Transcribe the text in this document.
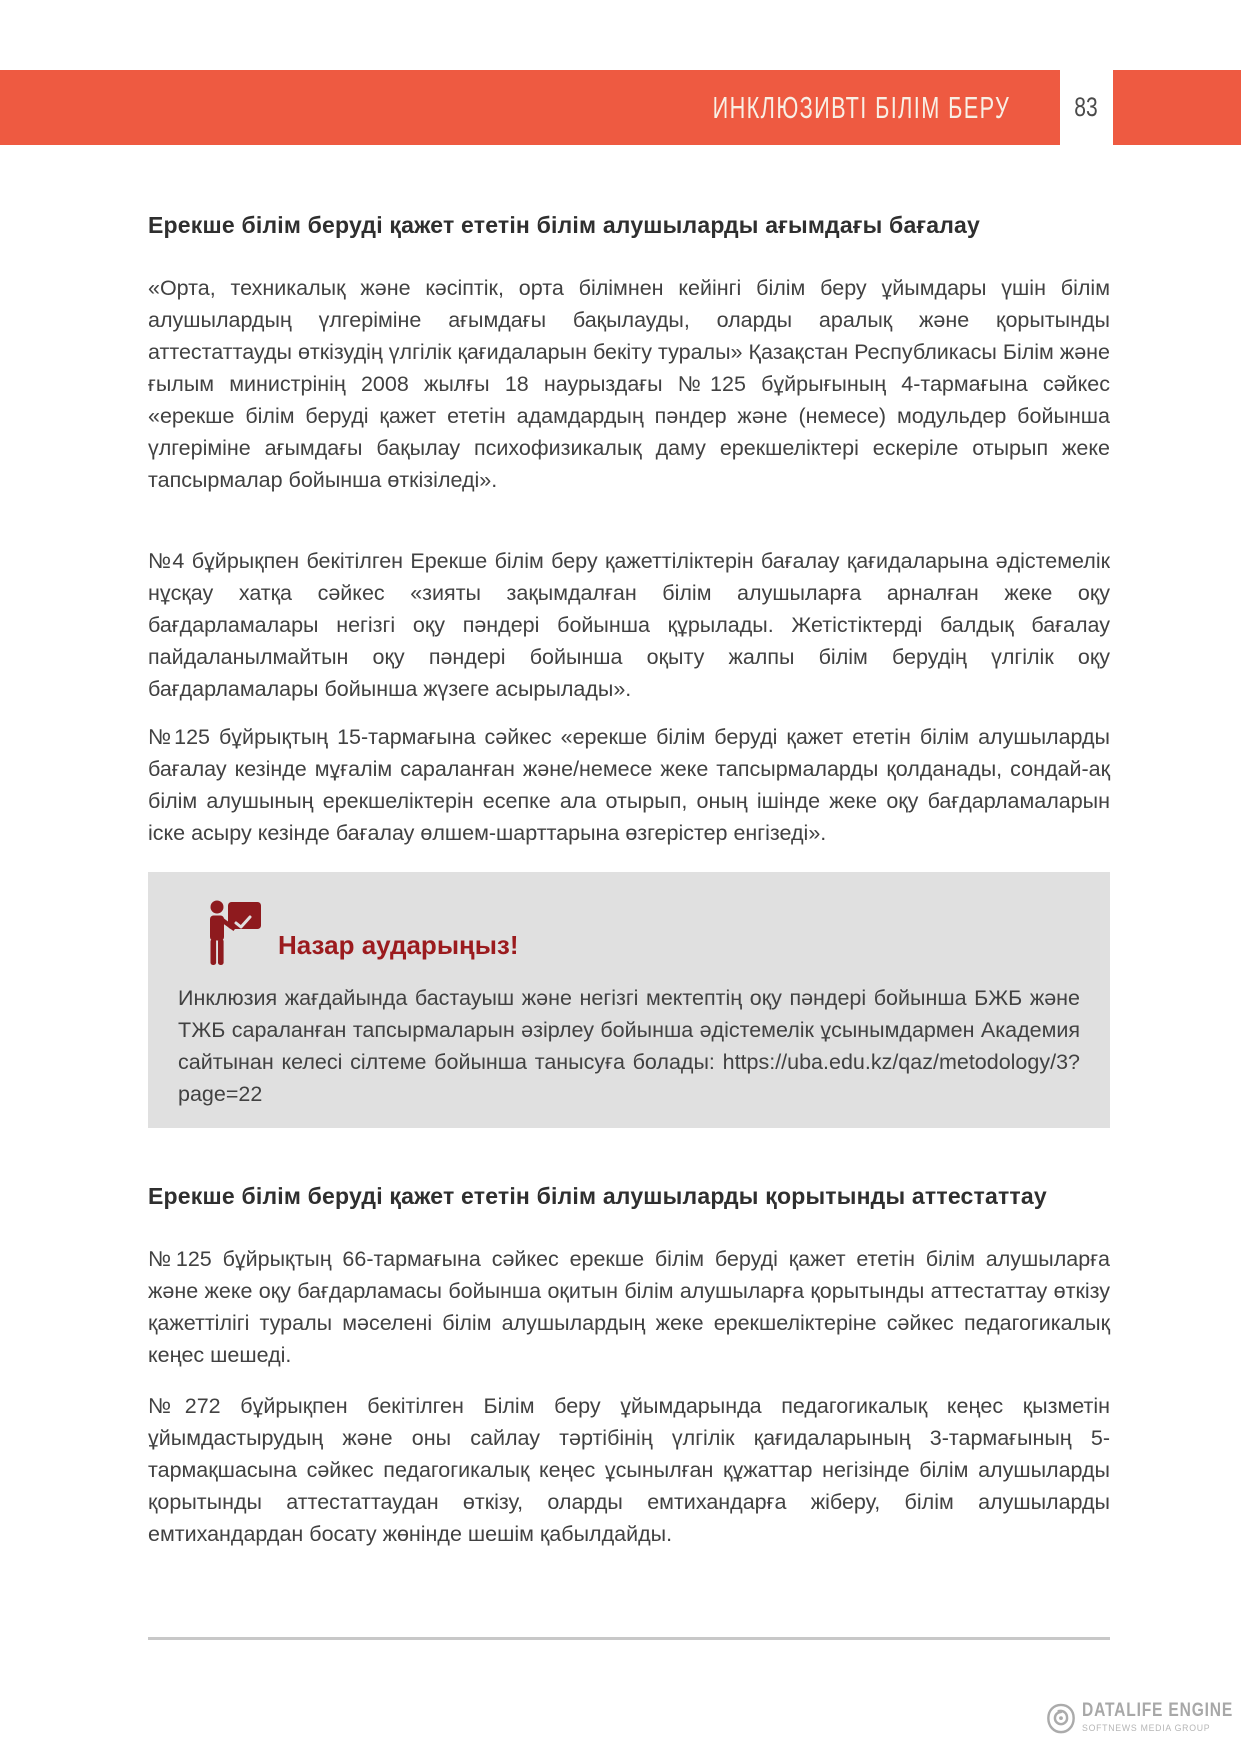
ИНКЛЮЗИВТІ БІЛІМ БЕРУ 83
Ерекше білім беруді қажет ететін білім алушыларды ағымдағы бағалау

«Орта, техникалық және кәсіптік, орта білімнен кейінгі білім беру ұйымдары үшін білім алушылардың үлгеріміне ағымдағы бақылауды, оларды аралық және қорытынды аттестаттауды өткізудің үлгілік қағидаларын бекіту туралы» Қазақстан Республикасы Білім және ғылым министрінің 2008 жылғы 18 наурыздағы №125 бұйрығының 4-тармағына сәйкес «ерекше білім беруді қажет ететін адамдардың пәндер және (немесе) модульдер бойынша үлгеріміне ағымдағы бақылау психофизикалық даму ерекшеліктері ескеріле отырып жеке тапсырмалар бойынша өткізіледі».

№4 бұйрықпен бекітілген Ерекше білім беру қажеттіліктерін бағалау қағидаларына әдістемелік нұсқау хатқа сәйкес «зияты зақымдалған білім алушыларға арналған жеке оқу бағдарламалары негізгі оқу пәндері бойынша құрылады. Жетістіктерді балдық бағалау пайдаланылмайтын оқу пәндері бойынша оқыту жалпы білім берудің үлгілік оқу бағдарламалары бойынша жүзеге асырылады».

№125 бұйрықтың 15-тармағына сәйкес «ерекше білім беруді қажет ететін білім алушыларды бағалау кезінде мұғалім сараланған және/немесе жеке тапсырмаларды қолданады, сондай-ақ білім алушының ерекшеліктерін есепке ала отырып, оның ішінде жеке оқу бағдарламаларын іске асыру кезінде бағалау өлшем-шарттарына өзгерістер енгізеді».

Назар аударыңыз!

Инклюзия жағдайында бастауыш және негізгі мектептің оқу пәндері бойынша БЖБ және ТЖБ сараланған тапсырмаларын әзірлеу бойынша әдістемелік ұсынымдармен Академия сайтынан келесі сілтеме бойынша танысуға болады: https://uba.edu.kz/qaz/metodology/3?page=22

Ерекше білім беруді қажет ететін білім алушыларды қорытынды аттестаттау

№125 бұйрықтың 66-тармағына сәйкес ерекше білім беруді қажет ететін білім алушыларға және жеке оқу бағдарламасы бойынша оқитын білім алушыларға қорытынды аттестаттау өткізу қажеттілігі туралы мәселені білім алушылардың жеке ерекшеліктеріне сәйкес педагогикалық кеңес шешеді.

№272 бұйрықпен бекітілген Білім беру ұйымдарында педагогикалық кеңес қызметін ұйымдастырудың және оны сайлау тәртібінің үлгілік қағидаларының 3-тармағының 5-тармақшасына сәйкес педагогикалық кеңес ұсынылған құжаттар негізінде білім алушыларды қорытынды аттестаттаудан өткізу, оларды емтихандарға жіберу, білім алушыларды емтихандардан босату жөнінде шешім қабылдайды.

DATALIFE ENGINE
SOFTNEWS MEDIA GROUP
